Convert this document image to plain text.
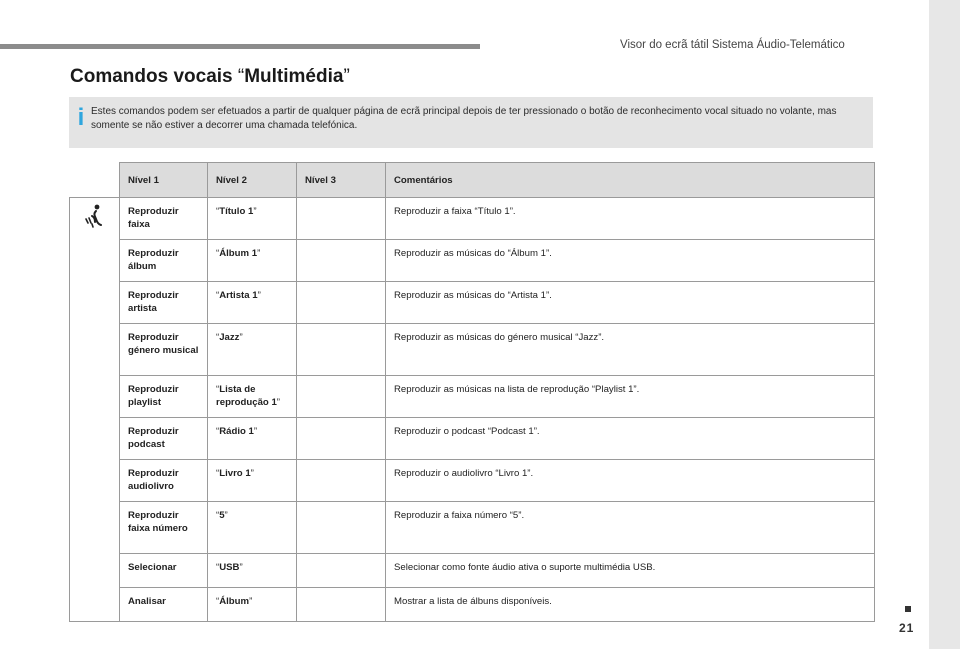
Visor do ecrã tátil Sistema Áudio-Telemático
21
Comandos vocais “Multimédia”
i Estes comandos podem ser efetuados a partir de qualquer página de ecrã principal depois de ter pressionado o botão de reconhecimento vocal situado no volante, mas somente se não estiver a decorrer uma chamada telefónica.
	Nível 1	Nível 2	Nível 3	Comentários

	Reproduzir faixa	“Título 1”		Reproduzir a faixa “Título 1”.
	Reproduzir álbum	“Álbum 1”		Reproduzir as músicas do “Álbum 1”.
	Reproduzir artista	“Artista 1”		Reproduzir as músicas do “Artista 1”.
	Reproduzir género musical	“Jazz”		Reproduzir as músicas do género musical “Jazz”.
	Reproduzir playlist	“Lista de reprodução 1”		Reproduzir as músicas na lista de reprodução “Playlist 1”.
	Reproduzir podcast	“Rádio 1”		Reproduzir o podcast “Podcast 1”.
	Reproduzir audiolivro	“Livro 1”		Reproduzir o audiolivro “Livro 1”.
	Reproduzir faixa número	“5”		Reproduzir a faixa número “5”.
	Selecionar	“USB”		Selecionar como fonte áudio ativa o suporte multimédia USB.
	Analisar	“Álbum”		Mostrar a lista de álbuns disponíveis.
